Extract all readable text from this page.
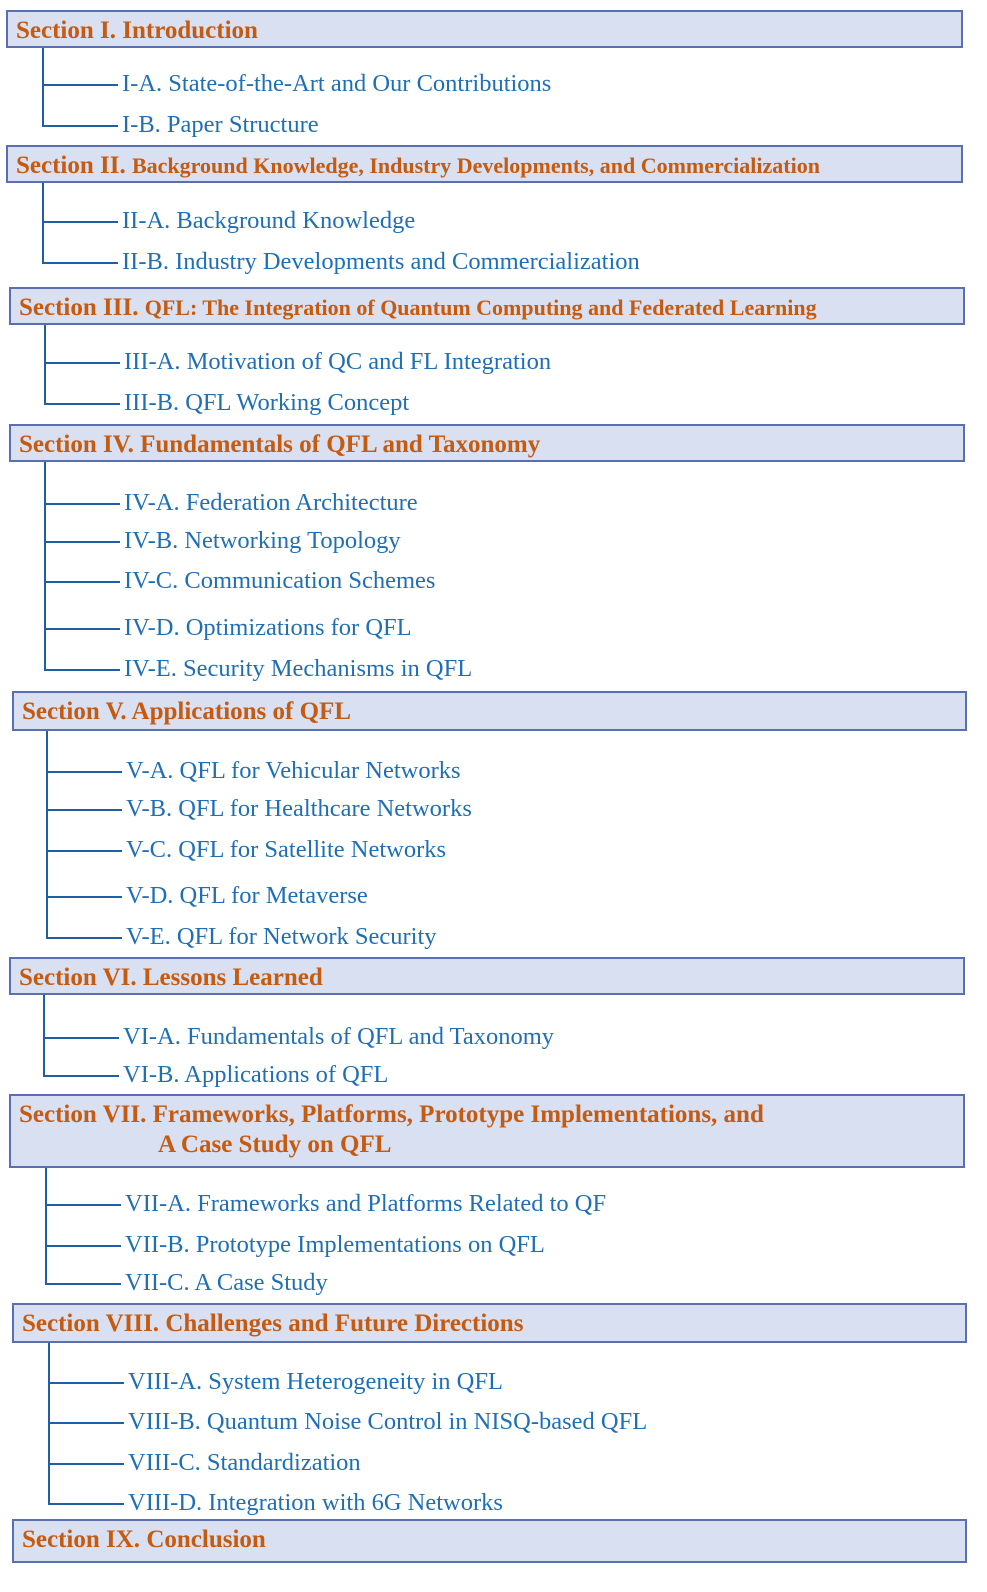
Section I. Introduction
I-A. State-of-the-Art and Our Contributions
I-B. Paper Structure
Section II. Background Knowledge, Industry Developments, and Commercialization
II-A. Background Knowledge
II-B. Industry Developments and Commercialization
Section III. QFL: The Integration of Quantum Computing and Federated Learning
III-A. Motivation of QC and FL Integration
III-B. QFL Working Concept
Section IV. Fundamentals of QFL and Taxonomy
IV-A. Federation Architecture
IV-B. Networking Topology
IV-C. Communication Schemes
IV-D. Optimizations for QFL
IV-E. Security Mechanisms in QFL
Section V. Applications of QFL
V-A. QFL for Vehicular Networks
V-B. QFL for Healthcare Networks
V-C. QFL for Satellite Networks
V-D. QFL for Metaverse
V-E. QFL for Network Security
Section VI. Lessons Learned
VI-A. Fundamentals of QFL and Taxonomy
VI-B. Applications of QFL
Section VII. Frameworks, Platforms, Prototype Implementations, and
A Case Study on QFL
VII-A. Frameworks and Platforms Related to QF
VII-B. Prototype Implementations on QFL
VII-C. A Case Study
Section VIII. Challenges and Future Directions
VIII-A. System Heterogeneity in QFL
VIII-B. Quantum Noise Control in NISQ-based QFL
VIII-C. Standardization
VIII-D. Integration with 6G Networks
Section IX. Conclusion
